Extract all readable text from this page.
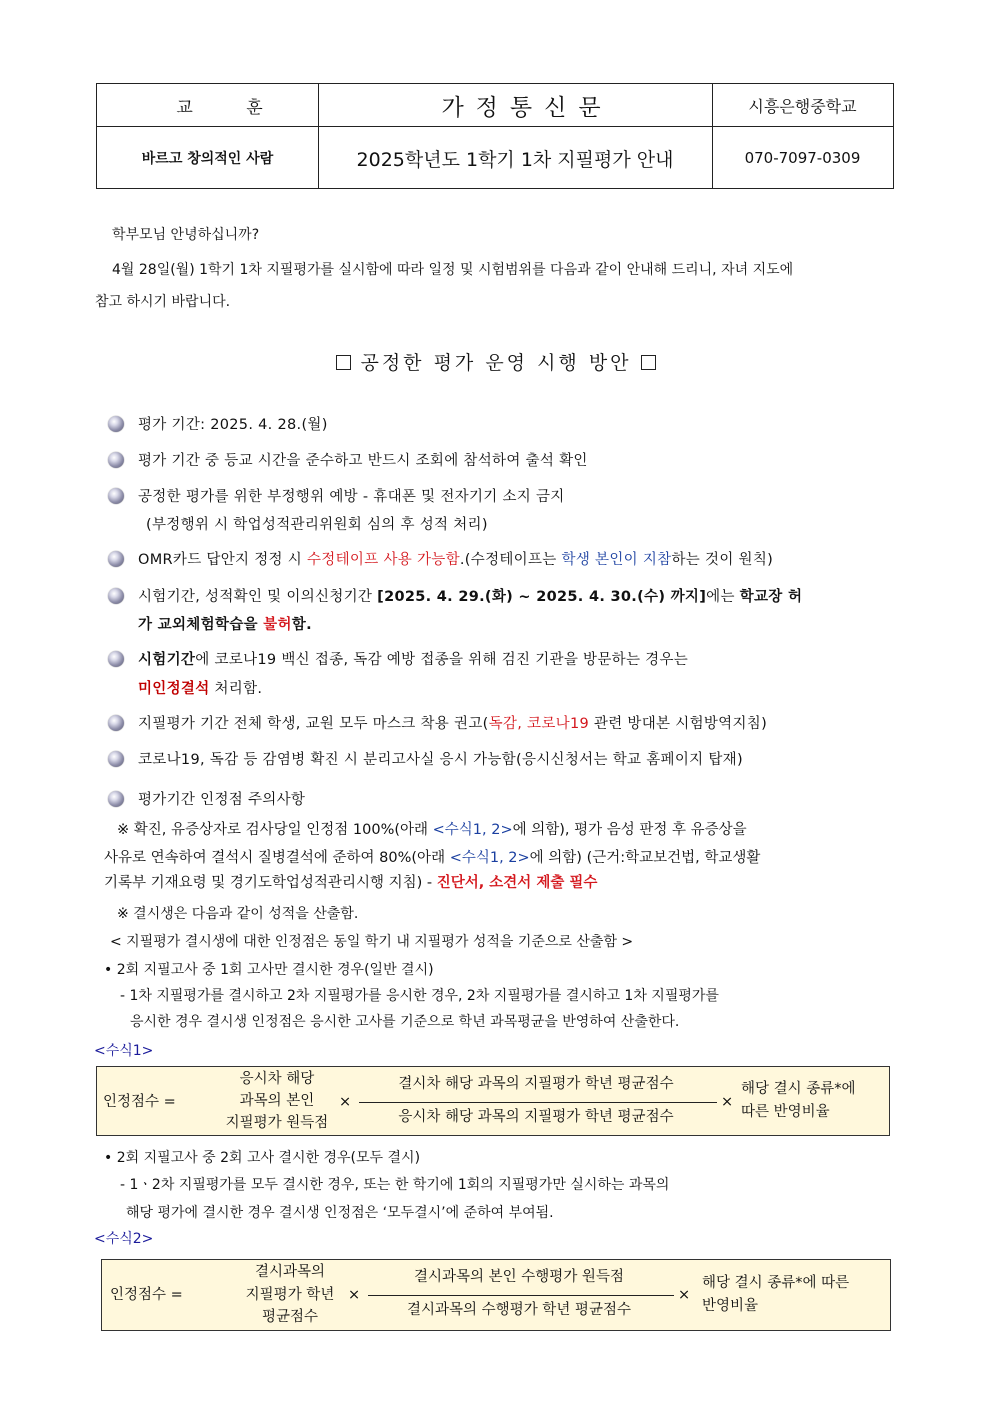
교 훈	가정통신문	시흥은행중학교
바르고 창의적인 사람	2025학년도 1학기 1차 지필평가 안내	070-7097-0309
학부모님 안녕하십니까?
4월 28일(월) 1학기 1차 지필평가를 실시함에 따라 일정 및 시험범위를 다음과 같이 안내해 드리니, 자녀 지도에
참고 하시기 바랍니다.
공정한 평가 운영 시행 방안
평가 기간: 2025. 4. 28.(월)
평가 기간 중 등교 시간을 준수하고 반드시 조회에 참석하여 출석 확인
공정한 평가를 위한 부정행위 예방 - 휴대폰 및 전자기기 소지 금지
(부정행위 시 학업성적관리위원회 심의 후 성적 처리)
OMR카드 답안지 정정 시 수정테이프 사용 가능함.(수정테이프는 학생 본인이 지참하는 것이 원칙)
시험기간, 성적확인 및 이의신청기간 [2025. 4. 29.(화) ~ 2025. 4. 30.(수) 까지]에는 학교장 허
가 교외체험학습을 불허함.
시험기간에 코로나19 백신 접종, 독감 예방 접종을 위해 검진 기관을 방문하는 경우는
미인정결석 처리함.
지필평가 기간 전체 학생, 교원 모두 마스크 착용 권고(독감, 코로나19 관련 방대본 시험방역지침)
코로나19, 독감 등 감염병 확진 시 분리고사실 응시 가능함(응시신청서는 학교 홈페이지 탑재)
평가기간 인정점 주의사항
※ 확진, 유증상자로 검사당일 인정점 100%(아래 <수식1, 2>에 의함), 평가 음성 판정 후 유증상을
사유로 연속하여 결석시 질병결석에 준하여 80%(아래 <수식1, 2>에 의함) (근거:학교보건법, 학교생활
기록부 기재요령 및 경기도학업성적관리시행 지침) - 진단서, 소견서 제출 필수
※ 결시생은 다음과 같이 성적을 산출함.
< 지필평가 결시생에 대한 인정점은 동일 학기 내 지필평가 성적을 기준으로 산출함 >
• 2회 지필고사 중 1회 고사만 결시한 경우(일반 결시)
- 1차 지필평가를 결시하고 2차 지필평가를 응시한 경우, 2차 지필평가를 결시하고 1차 지필평가를
응시한 경우 결시생 인정점은 응시한 고사를 기준으로 학년 과목평균을 반영하여 산출한다.
<수식1>
인정점수 =
응시차 해당
과목의 본인
지필평가 원득점
×
결시차 해당 과목의 지필평가 학년 평균점수
응시차 해당 과목의 지필평가 학년 평균점수
×
해당 결시 종류*에
따른 반영비율
• 2회 지필고사 중 2회 고사 결시한 경우(모두 결시)
- 1ㆍ2차 지필평가를 모두 결시한 경우, 또는 한 학기에 1회의 지필평가만 실시하는 과목의
해당 평가에 결시한 경우 결시생 인정점은 ‘모두결시’에 준하여 부여됨.
<수식2>
인정점수 =
결시과목의
지필평가 학년
평균점수
×
결시과목의 본인 수행평가 원득점
결시과목의 수행평가 학년 평균점수
×
해당 결시 종류*에 따른
반영비율
